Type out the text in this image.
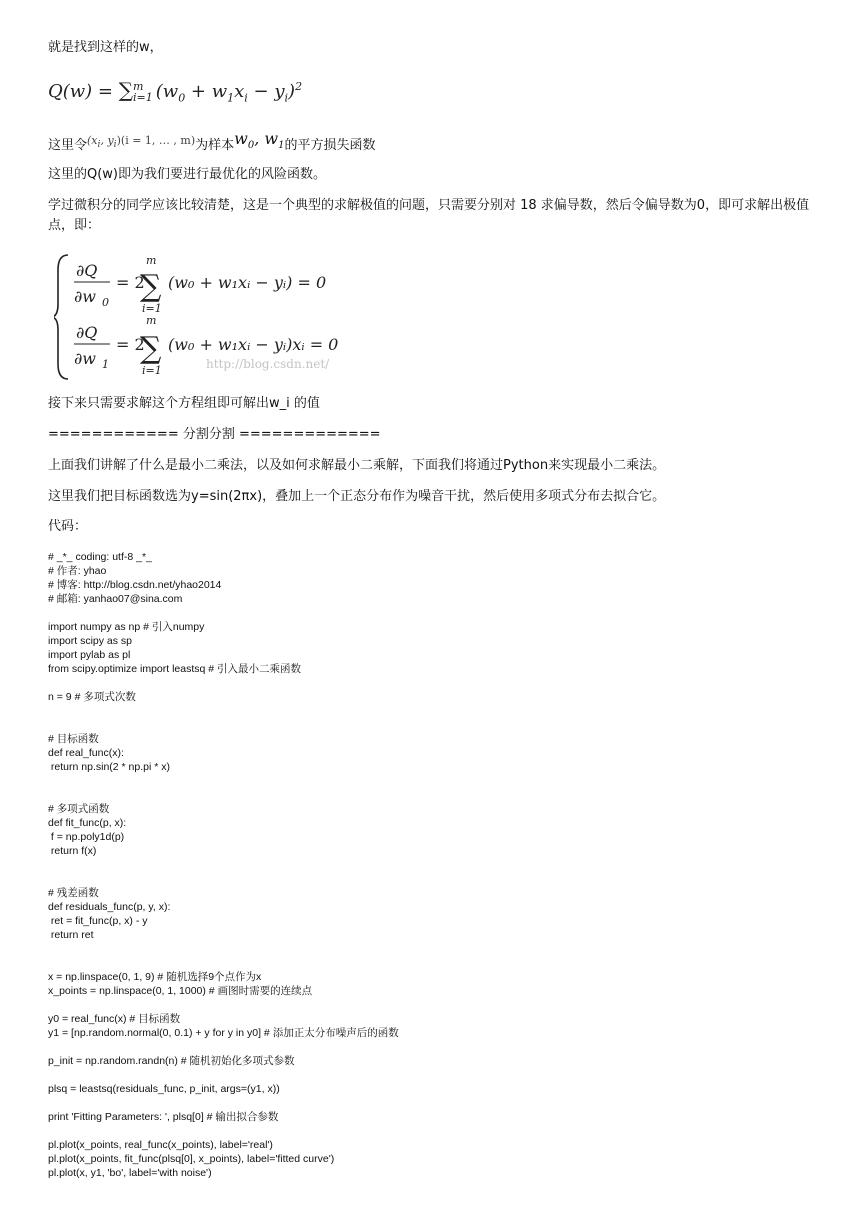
就是找到这样的w，
Q(w) = ∑ m
i=1 $(w_0 + w_1x_i - y_i)^2$
这里令$^{(x_i, y_i)(i = 1, \dots , m)}$为样本$w_0$, $w_1$的平方损失函数
这里的Q(w)即为我们要进行最优化的风险函数。
学过微积分的同学应该比较清楚，这是一个典型的求解极值的问题，只需要分别对 18 求偏导数，然后令偏导数为0，即可求解出极值点，即：
∂Q
∂w 0
= 2
m
∑
i=1
(w₀ + w₁xᵢ − yᵢ) = 0
∂Q
∂w 1
= 2
m
∑
i=1
(w₀ + w₁xᵢ − yᵢ)xᵢ = 0
http://blog.csdn.net/
接下来只需要求解这个方程组即可解出w_i 的值
============ 分割分割 =============
上面我们讲解了什么是最小二乘法，以及如何求解最小二乘解，下面我们将通过Python来实现最小二乘法。
这里我们把目标函数选为y=sin(2πx)，叠加上一个正态分布作为噪音干扰，然后使用多项式分布去拟合它。
代码：
# _*_ coding: utf-8 _*_
# 作者: yhao
# 博客: http://blog.csdn.net/yhao2014
# 邮箱: yanhao07@sina.com

import numpy as np # 引入numpy
import scipy as sp
import pylab as pl
from scipy.optimize import leastsq # 引入最小二乘函数

n = 9 # 多项式次数

# 目标函数
def real_func(x):
return np.sin(2 * np.pi * x)

# 多项式函数
def fit_func(p, x):
f = np.poly1d(p)
return f(x)

# 残差函数
def residuals_func(p, y, x):
ret = fit_func(p, x) - y
return ret

x = np.linspace(0, 1, 9) # 随机选择9个点作为x
x_points = np.linspace(0, 1, 1000) # 画图时需要的连续点

y0 = real_func(x) # 目标函数
y1 = [np.random.normal(0, 0.1) + y for y in y0] # 添加正太分布噪声后的函数

p_init = np.random.randn(n) # 随机初始化多项式参数

plsq = leastsq(residuals_func, p_init, args=(y1, x))

print 'Fitting Parameters: ', plsq[0] # 输出拟合参数

pl.plot(x_points, real_func(x_points), label='real')
pl.plot(x_points, fit_func(plsq[0], x_points), label='fitted curve')
pl.plot(x, y1, 'bo', label='with noise')
